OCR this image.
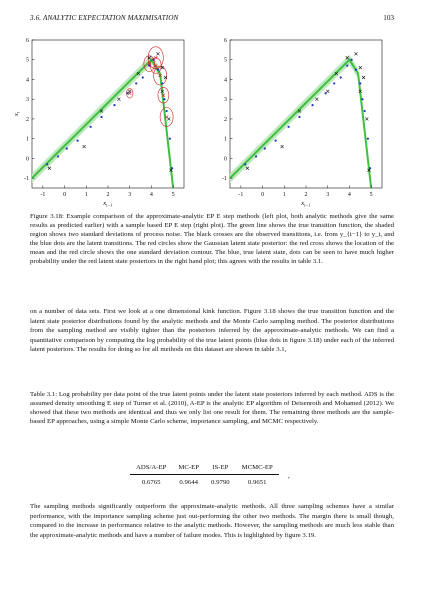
3.6. ANALYTIC EXPECTATION MAXIMISATION	103
-1	0	1	2	3	4	5
-1
0
1
2
3
4
5
6
$x_{t-1}$
$x_t$
-1	0	1	2	3	4	5
-1
0
1
2
3
4
5
6
$x_{t-1}$
Figure 3.18: Example comparison of the approximate-analytic EP E step methods (left plot, both analytic methods give the same results as predicted earlier) with a sample based EP E step (right plot). The green line shows the true transition function, the shaded region shows two standard deviations of process noise. The black crosses are the observed transitions, i.e. from y_{t−1} to y_t, and the blue dots are the latent transitions. The red circles show the Gaussian latent state posterior: the red cross shows the location of the mean and the red circle shows the one standard deviation contour. The blue, true latent state, dots can be seen to have much higher probability under the red latent state posteriors in the right hand plot; this agrees with the results in table 3.1.
on a number of data sets. First we look at a one dimensional kink function. Figure 3.18 shows the true transition function and the latent state posterior distributions found by the analytic methods and the Monte Carlo sampling method. The posterior distributions from the sampling method are visibly tighter than the posteriors inferred by the approximate-analytic methods. We can find a quantitative comparison by computing the log probability of the true latent points (blue dots in figure 3.18) under each of the inferred latent posteriors. The results for doing so for all methods on this dataset are shown in table 3.1,
Table 3.1: Log probability per data point of the true latent points under the latent state posteriors inferred by each method. ADS is the assumed density smoothing E step of Turner et al. (2010), A-EP is the analytic EP algorithm of Deisenroth and Mohamed (2012). We showed that these two methods are identical and thus we only list one result for them. The remaining three methods are the sample-based EP approaches, using a simple Monte Carlo scheme, importance sampling, and MCMC respectively.
ADS/A-EP	MC-EP	IS-EP	MCMC-EP
0.6765	0.9644	0.9790	0.9651
,
The sampling methods significantly outperform the approximate-analytic methods. All three sampling schemes have a similar performance, with the importance sampling scheme just out-performing the other two methods. The margin there is small though, compared to the increase in performance relative to the analytic methods. However, the sampling methods are much less stable than the approximate-analytic methods and have a number of failure modes. This is highlighted by figure 3.19.
